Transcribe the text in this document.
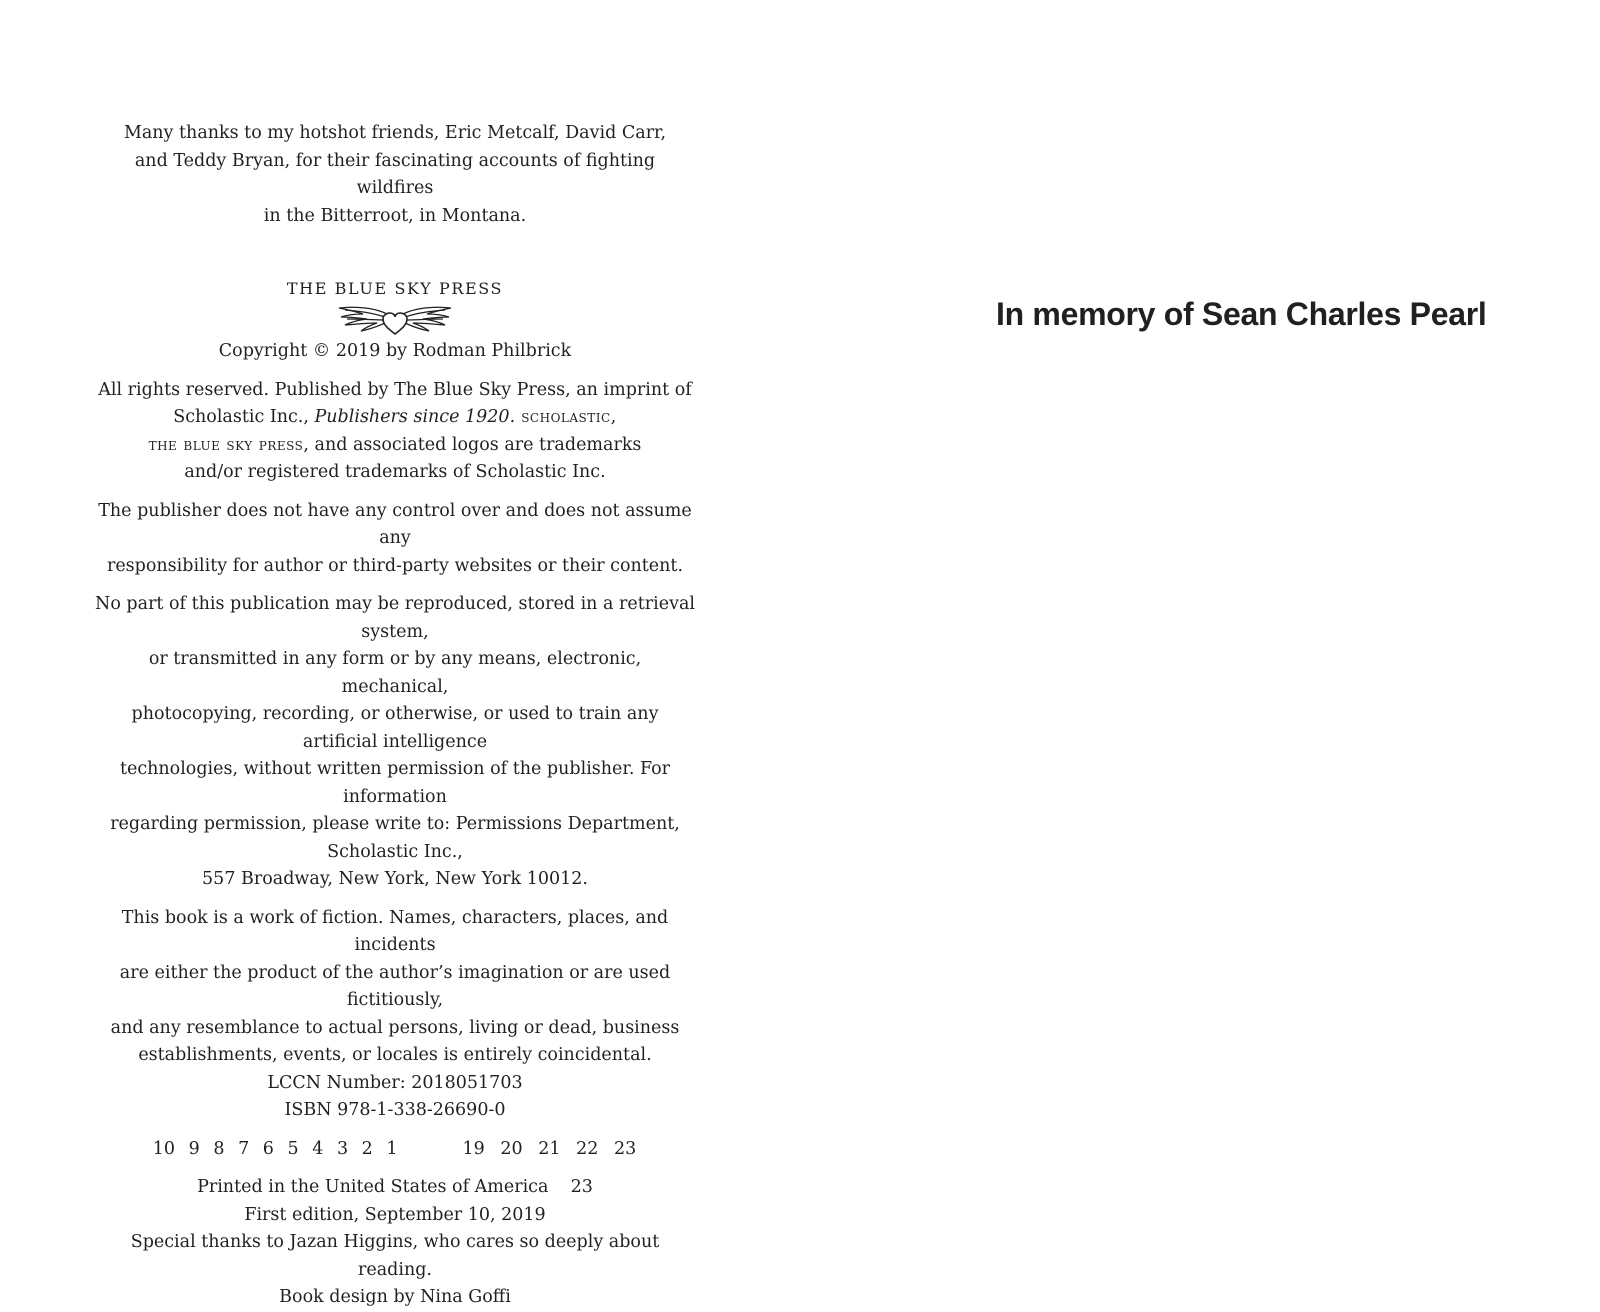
Many thanks to my hotshot friends, Eric Metcalf, David Carr,

and Teddy Bryan, for their fascinating accounts of fighting wildfires

in the Bitterroot, in Montana.

THE BLUE SKY PRESS

Copyright © 2019 by Rodman Philbrick

All rights reserved. Published by The Blue Sky Press, an imprint of

Scholastic Inc., Publishers since 1920. scholastic,

the blue sky press, and associated logos are trademarks

and/or registered trademarks of Scholastic Inc.

The publisher does not have any control over and does not assume any

responsibility for author or third-party websites or their content.

No part of this publication may be reproduced, stored in a retrieval system,

or transmitted in any form or by any means, electronic, mechanical,

photocopying, recording, or otherwise, or used to train any artificial intelligence

technologies, without written permission of the publisher. For information

regarding permission, please write to: Permissions Department, Scholastic Inc.,

557 Broadway, New York, New York 10012.

This book is a work of fiction. Names, characters, places, and incidents

are either the product of the author’s imagination or are used fictitiously,

and any resemblance to actual persons, living or dead, business

establishments, events, or locales is entirely coincidental.

LCCN Number: 2018051703

ISBN 978-1-338-26690-0

10 9 8 7 6 5 4 3 2 1	19 20 21 22 23

Printed in the United States of America    23

First edition, September 10, 2019

Special thanks to Jazan Higgins, who cares so deeply about reading.

Book design by Nina Goffi

In memory of Sean Charles Pearl
